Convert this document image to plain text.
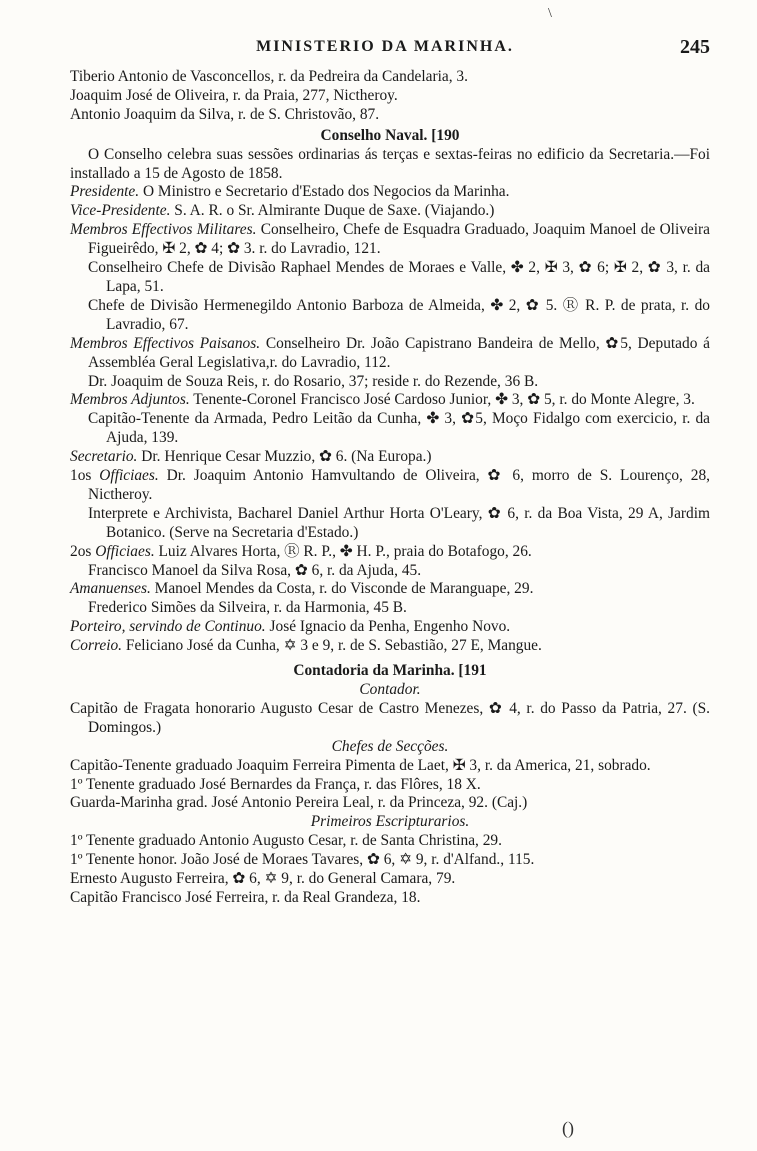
\
MINISTERIO DA MARINHA.	245

Tiberio Antonio de Vasconcellos, r. da Pedreira da Candelaria, 3.

Joaquim José de Oliveira, r. da Praia, 277, Nictheroy.

Antonio Joaquim da Silva, r. de S. Christovão, 87.

Conselho Naval. [190

O Conselho celebra suas sessões ordinarias ás terças e sextas-feiras no edificio da Secretaria.—Foi installado a 15 de Agosto de 1858.

Presidente. O Ministro e Secretario d'Estado dos Negocios da Marinha.

Vice-Presidente. S. A. R. o Sr. Almirante Duque de Saxe. (Viajando.)

Membros Effectivos Militares. Conselheiro, Chefe de Esquadra Graduado, Joaquim Manoel de Oliveira Figueirêdo, ✠ 2, ✿ 4; ✿ 3. r. do Lavradio, 121.

Conselheiro Chefe de Divisão Raphael Mendes de Moraes e Valle, ✤ 2, ✠ 3, ✿ 6; ✠ 2, ✿ 3, r. da Lapa, 51.

Chefe de Divisão Hermenegildo Antonio Barboza de Almeida, ✤ 2, ✿ 5. Ⓡ R. P. de prata, r. do Lavradio, 67.

Membros Effectivos Paisanos. Conselheiro Dr. João Capistrano Bandeira de Mello, ✿5, Deputado á Assembléa Geral Legislativa,r. do Lavradio, 112.

Dr. Joaquim de Souza Reis, r. do Rosario, 37; reside r. do Rezende, 36 B.

Membros Adjuntos. Tenente-Coronel Francisco José Cardoso Junior, ✤ 3, ✿ 5, r. do Monte Alegre, 3.

Capitão-Tenente da Armada, Pedro Leitão da Cunha, ✤ 3, ✿5, Moço Fidalgo com exercicio, r. da Ajuda, 139.

Secretario. Dr. Henrique Cesar Muzzio, ✿ 6. (Na Europa.)

1os Officiaes. Dr. Joaquim Antonio Hamvultando de Oliveira, ✿ 6, morro de S. Lourenço, 28, Nictheroy.

Interprete e Archivista, Bacharel Daniel Arthur Horta O'Leary, ✿ 6, r. da Boa Vista, 29 A, Jardim Botanico. (Serve na Secretaria d'Estado.)

2os Officiaes. Luiz Alvares Horta, Ⓡ R. P., ✤ H. P., praia do Botafogo, 26.

Francisco Manoel da Silva Rosa, ✿ 6, r. da Ajuda, 45.

Amanuenses. Manoel Mendes da Costa, r. do Visconde de Maranguape, 29.

Frederico Simões da Silveira, r. da Harmonia, 45 B.

Porteiro, servindo de Continuo. José Ignacio da Penha, Engenho Novo.

Correio. Feliciano José da Cunha, ✡ 3 e 9, r. de S. Sebastião, 27 E, Mangue.

Contadoria da Marinha. [191

Contador.

Capitão de Fragata honorario Augusto Cesar de Castro Menezes, ✿ 4, r. do Passo da Patria, 27. (S. Domingos.)

Chefes de Secções.

Capitão-Tenente graduado Joaquim Ferreira Pimenta de Laet, ✠ 3, r. da America, 21, sobrado.

1º Tenente graduado José Bernardes da França, r. das Flôres, 18 X.

Guarda-Marinha grad. José Antonio Pereira Leal, r. da Princeza, 92. (Caj.)

Primeiros Escripturarios.

1º Tenente graduado Antonio Augusto Cesar, r. de Santa Christina, 29.

1º Tenente honor. João José de Moraes Tavares, ✿ 6, ✡ 9, r. d'Alfand., 115.

Ernesto Augusto Ferreira, ✿ 6, ✡ 9, r. do General Camara, 79.

Capitão Francisco José Ferreira, r. da Real Grandeza, 18.

()
